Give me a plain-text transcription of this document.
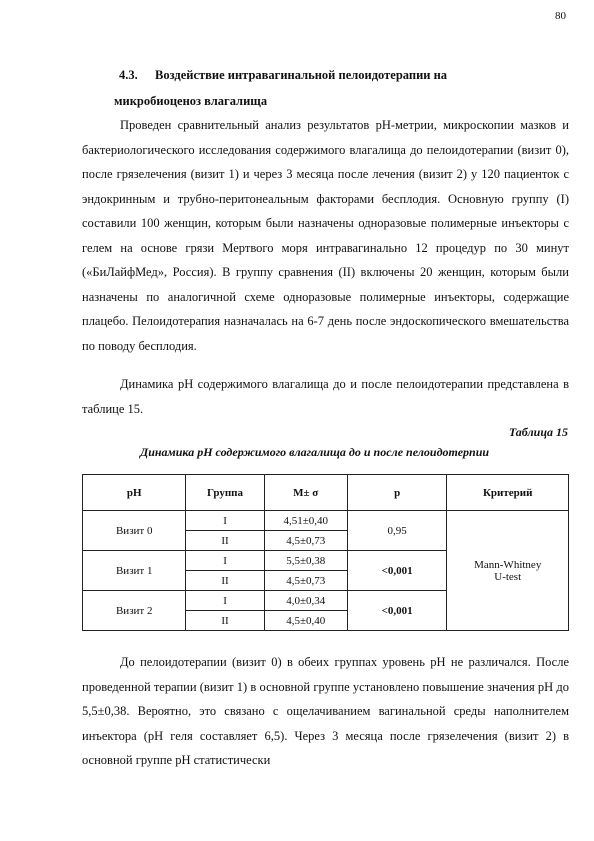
80
4.3. Воздействие интравагинальной пелоидотерапии на
микробиоценоз влагалища

Проведен сравнительный анализ результатов pH-метрии, микроскопии мазков и бактериологического исследования содержимого влагалища до пелоидотерапии (визит 0), после грязелечения (визит 1) и через 3 месяца после лечения (визит 2) у 120 пациенток с эндокринным и трубно-перитонеальным факторами бесплодия. Основную группу (I) составили 100 женщин, которым были назначены одноразовые полимерные инъекторы с гелем на основе грязи Мертвого моря интравагинально 12 процедур по 30 минут («БиЛайфМед», Россия). В группу сравнения (II) включены 20 женщин, которым были назначены по аналогичной схеме одноразовые полимерные инъекторы, содержащие плацебо. Пелоидотерапия назначалась на 6-7 день после эндоскопического вмешательства по поводу бесплодия.

Динамика рН содержимого влагалища до и после пелоидотерапии представлена в таблице 15.

Таблица 15
Динамика рН содержимого влагалища до и после пелоидотерпии
pH	Группа	M± σ	p	Критерий
Визит 0	I	4,51±0,40	0,95	Mann-Whitney
U-test
	II	4,5±0,73		
Визит 1	I	5,5±0,38	<0,001	
	II	4,5±0,73		
Визит 2	I	4,0±0,34	<0,001	
	II	4,5±0,40		

До пелоидотерапии (визит 0) в обеих группах уровень рН не различался. После проведенной терапии (визит 1) в основной группе установлено повышение значения рН до 5,5±0,38. Вероятно, это связано с ощелачиванием вагинальной среды наполнителем инъектора (рН геля составляет 6,5). Через 3 месяца после грязелечения (визит 2) в основной группе рН статистически
